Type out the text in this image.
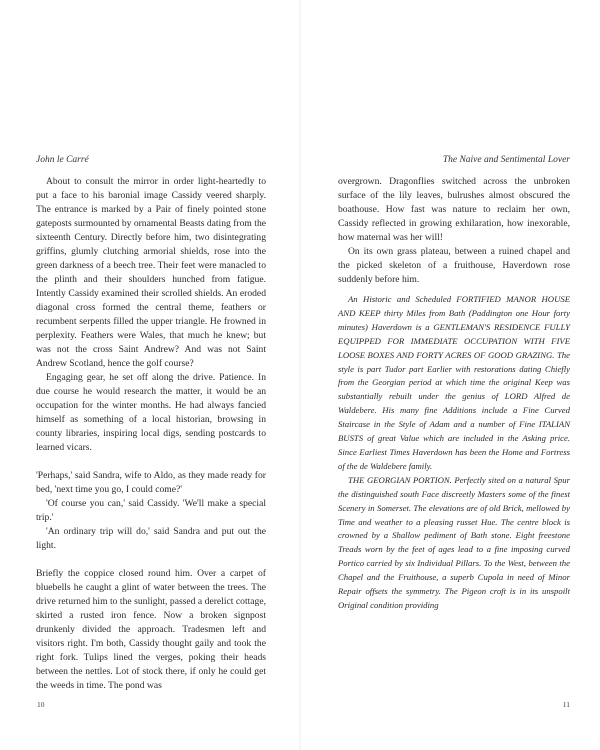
John le Carré

About to consult the mirror in order light-heartedly to put a face to his baronial image Cassidy veered sharply. The entrance is marked by a Pair of finely pointed stone gateposts surmounted by ornamental Beasts dating from the sixteenth Century. Directly before him, two disintegrating griffins, glumly clutching armorial shields, rose into the green darkness of a beech tree. Their feet were manacled to the plinth and their shoulders hunched from fatigue. Intently Cassidy examined their scrolled shields. An eroded diagonal cross formed the central theme, feathers or recumbent serpents filled the upper triangle. He frowned in perplexity. Feathers were Wales, that much he knew; but was not the cross Saint Andrew? And was not Saint Andrew Scotland, hence the golf course?

Engaging gear, he set off along the drive. Patience. In due course he would research the matter, it would be an occupation for the winter months. He had always fancied himself as something of a local historian, browsing in county libraries, inspiring local digs, sending postcards to learned vicars.

'Perhaps,' said Sandra, wife to Aldo, as they made ready for bed, 'next time you go, I could come?'

'Of course you can,' said Cassidy. 'We'll make a special trip.'

'An ordinary trip will do,' said Sandra and put out the light.

Briefly the coppice closed round him. Over a carpet of bluebells he caught a glint of water between the trees. The drive returned him to the sunlight, passed a derelict cottage, skirted a rusted iron fence. Now a broken signpost drunkenly divided the approach. Tradesmen left and visitors right. I'm both, Cassidy thought gaily and took the right fork. Tulips lined the verges, poking their heads between the nettles. Lot of stock there, if only he could get the weeds in time. The pond was

10
The Naive and Sentimental Lover

overgrown. Dragonflies switched across the unbroken surface of the lily leaves, bulrushes almost obscured the boathouse. How fast was nature to reclaim her own, Cassidy reflected in growing exhilaration, how inexorable, how maternal was her will!

On its own grass plateau, between a ruined chapel and the picked skeleton of a fruithouse, Haverdown rose suddenly before him.

An Historic and Scheduled FORTIFIED MANOR HOUSE AND KEEP thirty Miles from Bath (Paddington one Hour forty minutes) Haverdown is a GENTLEMAN'S RESIDENCE FULLY EQUIPPED FOR IMMEDIATE OCCUPATION WITH FIVE LOOSE BOXES AND FORTY ACRES OF GOOD GRAZING. The style is part Tudor part Earlier with restorations dating Chiefly from the Georgian period at which time the original Keep was substantially rebuilt under the genius of LORD Alfred de Waldebere. His many fine Additions include a Fine Curved Staircase in the Style of Adam and a number of Fine ITALIAN BUSTS of great Value which are included in the Asking price. Since Earliest Times Haverdown has been the Home and Fortress of the de Waldebere family.

THE GEORGIAN PORTION. Perfectly sited on a natural Spur the distinguished south Face discreetly Masters some of the finest Scenery in Somerset. The elevations are of old Brick, mellowed by Time and weather to a pleasing russet Hue. The centre block is crowned by a Shallow pediment of Bath stone. Eight freestone Treads worn by the feet of ages lead to a fine imposing curved Portico carried by six Individual Pillars. To the West, between the Chapel and the Fruithouse, a superb Cupola in need of Minor Repair offsets the symmetry. The Pigeon croft is in its unspoilt Original condition providing

11
